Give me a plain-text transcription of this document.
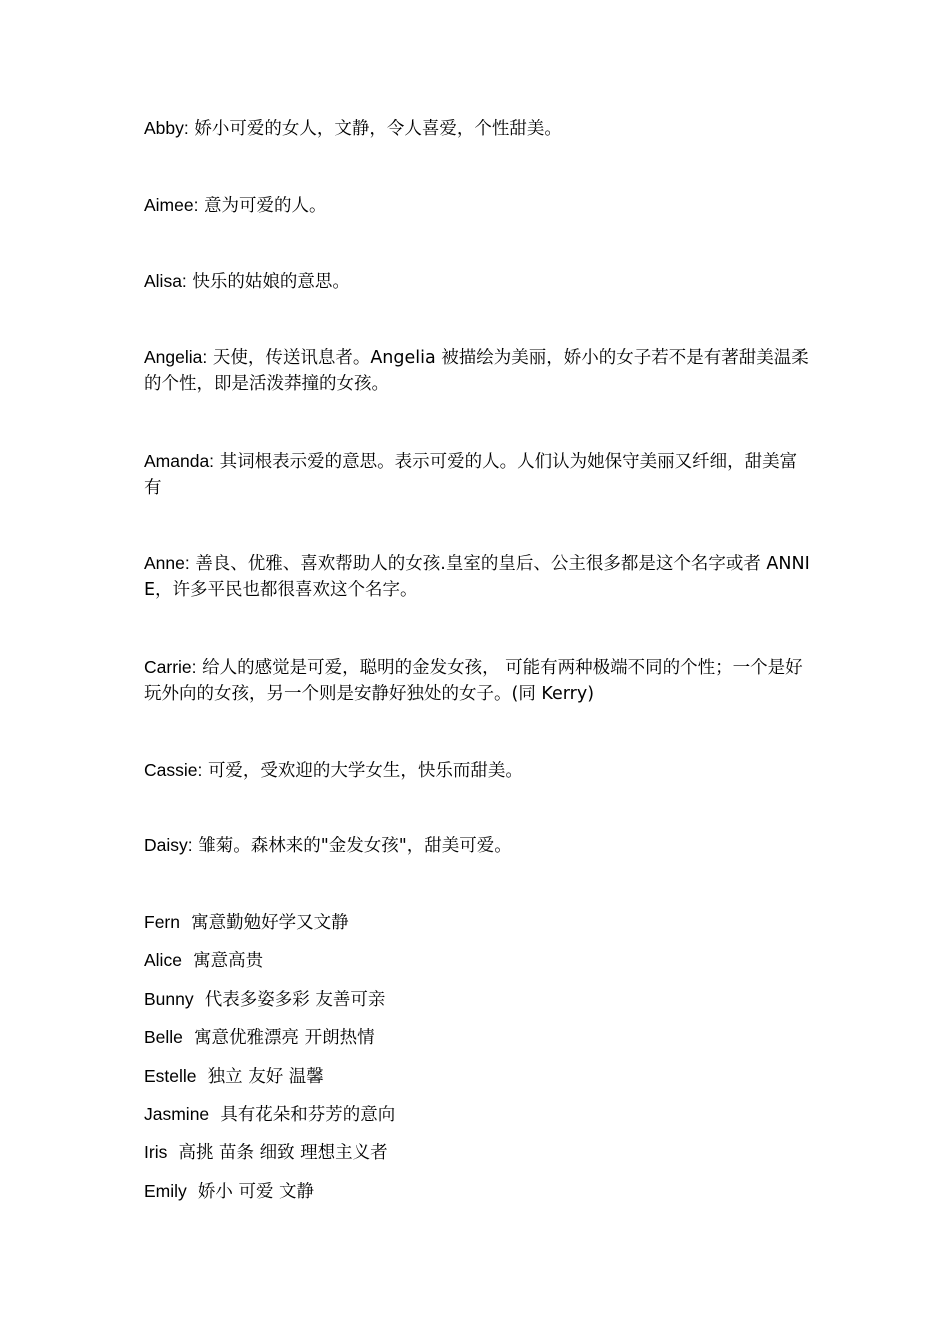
Abby: 娇小可爱的女人，文静，令人喜爱，个性甜美。
Aimee: 意为可爱的人。
Alisa: 快乐的姑娘的意思。
Angelia: 天使，传送讯息者。Angelia 被描绘为美丽，娇小的女子若不是有著甜美温柔的个性，即是活泼莽撞的女孩。
Amanda: 其词根表示爱的意思。表示可爱的人。人们认为她保守美丽又纤细，甜美富有
Anne: 善良、优雅、喜欢帮助人的女孩.皇室的皇后、公主很多都是这个名字或者 ANNIE，许多平民也都很喜欢这个名字。
Carrie: 给人的感觉是可爱，聪明的金发女孩， 可能有两种极端不同的个性；一个是好玩外向的女孩，另一个则是安静好独处的女子。(同 Kerry)
Cassie: 可爱，受欢迎的大学女生，快乐而甜美。
Daisy: 雏菊。森林来的"金发女孩"，甜美可爱。
Fern 寓意勤勉好学又文静
Alice 寓意高贵
Bunny 代表多姿多彩 友善可亲
Belle 寓意优雅漂亮 开朗热情
Estelle 独立 友好 温馨
Jasmine 具有花朵和芬芳的意向
Iris 高挑 苗条 细致 理想主义者
Emily 娇小 可爱 文静
